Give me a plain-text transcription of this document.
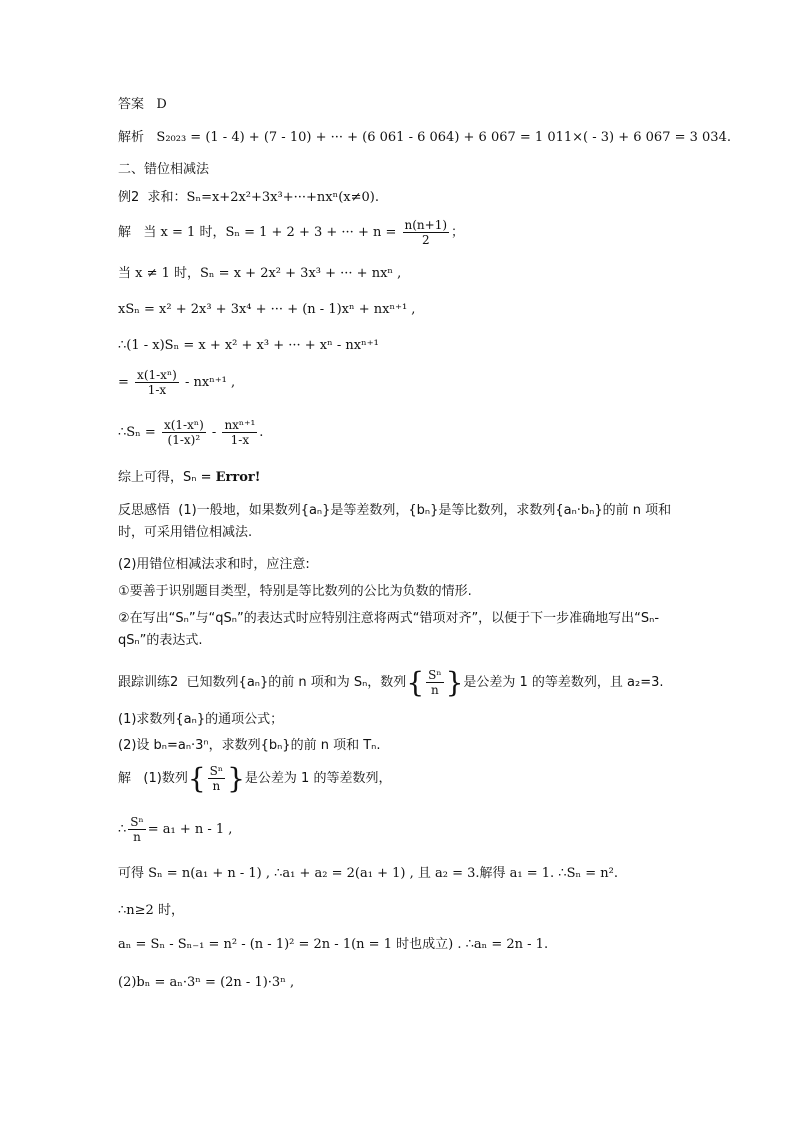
答案 D
解析 S₂₀₂₃ = (1 - 4) + (7 - 10) + ··· + (6 061 - 6 064) + 6 067 = 1 011×( - 3) + 6 067 = 3 034.
二、错位相减法
例2 求和：Sₙ=x+2x²+3x³+···+nxⁿ(x≠0).
解 当 x = 1 时，Sₙ = 1 + 2 + 3 + ··· + $n = \frac{n(n+1)}{2}$ ；
当 x ≠ 1 时，Sₙ = x + 2x² + 3x³ + ··· + nxⁿ ,
xSₙ = x² + 2x³ + 3x⁴ + ··· + (n - 1)xⁿ + nxⁿ⁺¹ ,
∴(1 - x)Sₙ = x + x² + x³ + ··· + xⁿ - nxⁿ⁺¹
= $\frac{\text{x(1-xⁿ)}}{1-x} - nx^{n+1}$ ,
∴Sₙ = $\frac{\text{x(1-xⁿ)}}{\text{(1-x)²}} - \frac{\text{nxⁿ⁺¹}}{1-x}$ .
综上可得，Sₙ = Error!
反思感悟 (1)一般地，如果数列{aₙ}是等差数列，{bₙ}是等比数列，求数列{aₙ·bₙ}的前 n 项和时，可采用错位相减法.
(2)用错位相减法求和时，应注意:
①要善于识别题目类型，特别是等比数列的公比为负数的情形.
②在写出“Sₙ”与“qSₙ”的表达式时应特别注意将两式“错项对齐”，以便于下一步准确地写出“Sₙ-qSₙ”的表达式.
跟踪训练2 已知数列{aₙ}的前 n 项和为 Sₙ，数列{ $\frac{\text{Sⁿ}}{n}$ }是公差为 1 的等差数列，且 a₂=3.
(1)求数列{aₙ}的通项公式；
(2)设 bₙ=aₙ·3ⁿ，求数列{bₙ}的前 n 项和 Tₙ.
解 (1)数列{ $\frac{\text{Sⁿ}}{n}$ }是公差为 1 的等差数列，
∴ $\frac{\text{Sⁿ}}{n} = a_1 + n - 1$ ,
可得 Sₙ = n(a₁ + n - 1) , ∴a₁ + a₂ = 2(a₁ + 1) , 且 a₂ = 3.解得 a₁ = 1. ∴Sₙ = n².
∴n≥2 时，
aₙ = Sₙ - Sₙ₋₁ = n² - (n - 1)² = 2n - 1(n = 1 时也成立) . ∴aₙ = 2n - 1.
(2)bₙ = aₙ·3ⁿ = (2n - 1)·3ⁿ ,
